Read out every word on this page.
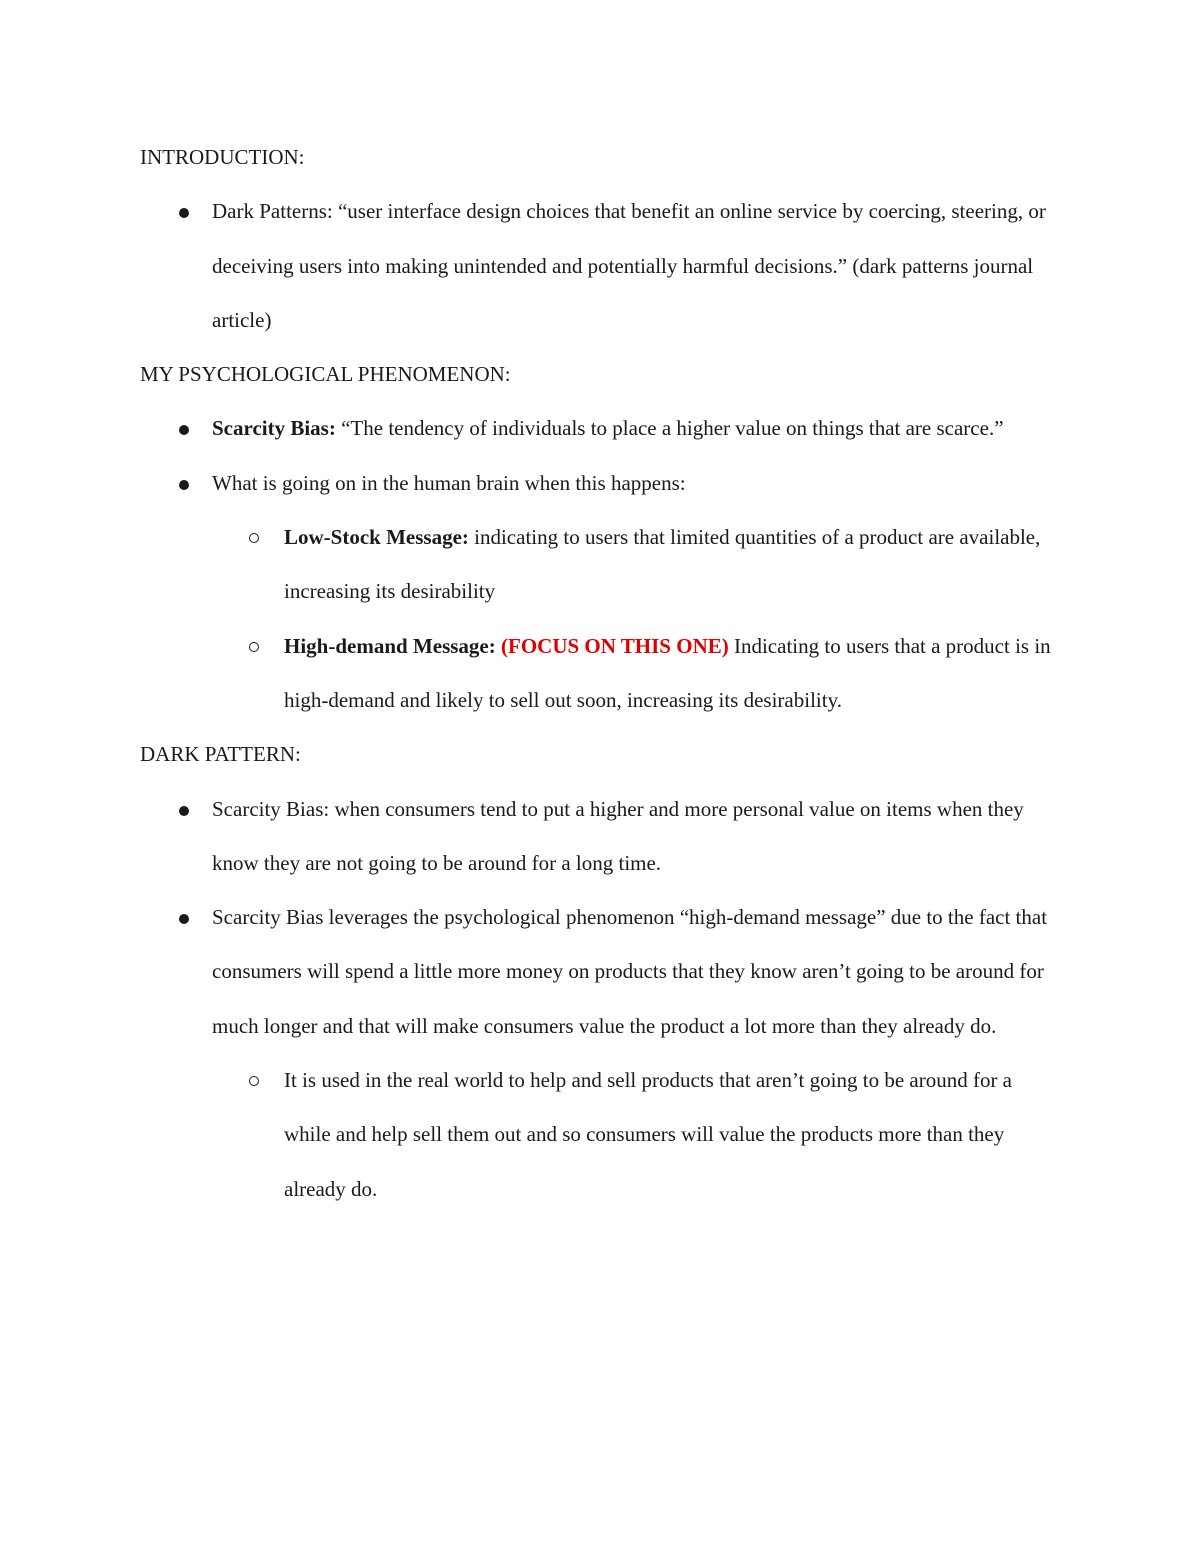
INTRODUCTION:

Dark Patterns: “user interface design choices that benefit an online service by coercing, steering, or deceiving users into making unintended and potentially harmful decisions.” (dark patterns journal article)

MY PSYCHOLOGICAL PHENOMENON:

Scarcity Bias: “The tendency of individuals to place a higher value on things that are scarce.”
What is going on in the human brain when this happens:
Low-Stock Message: indicating to users that limited quantities of a product are available, increasing its desirability
High-demand Message: (FOCUS ON THIS ONE) Indicating to users that a product is in high-demand and likely to sell out soon, increasing its desirability.

DARK PATTERN:

Scarcity Bias: when consumers tend to put a higher and more personal value on items when they know they are not going to be around for a long time.
Scarcity Bias leverages the psychological phenomenon “high-demand message” due to the fact that consumers will spend a little more money on products that they know aren’t going to be around for much longer and that will make consumers value the product a lot more than they already do.
It is used in the real world to help and sell products that aren’t going to be around for a while and help sell them out and so consumers will value the products more than they already do.
